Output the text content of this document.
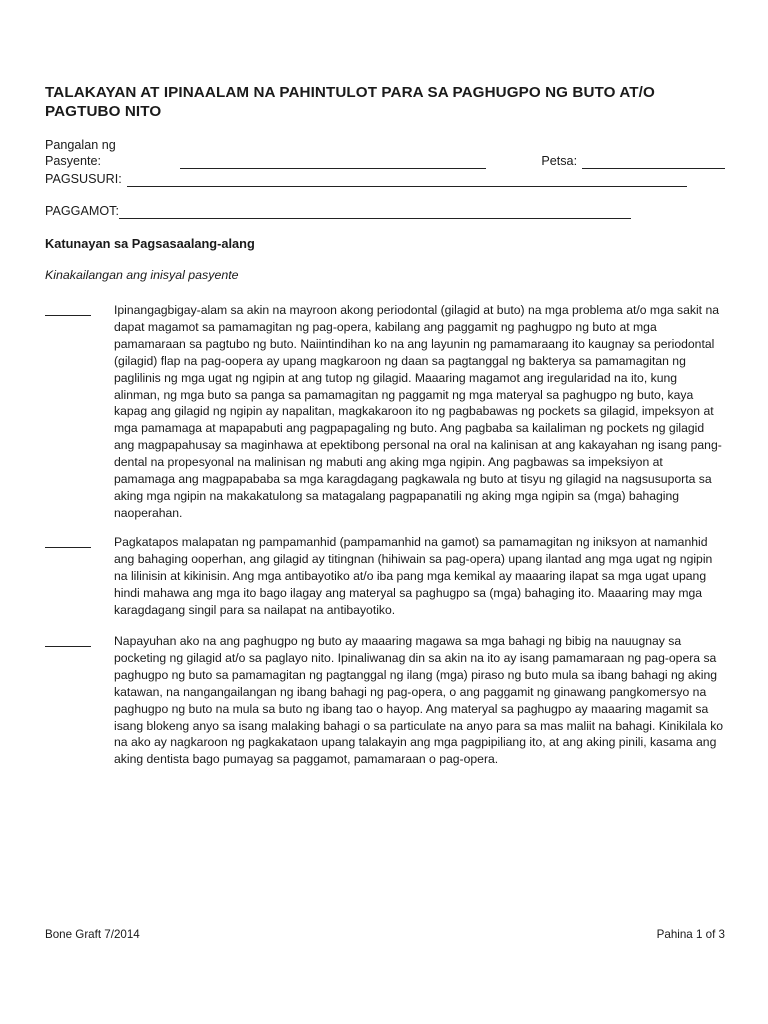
TALAKAYAN AT IPINAALAM NA PAHINTULOT PARA SA PAGHUGPO NG BUTO AT/O PAGTUBO NITO
Pangalan ng Pasyente:	Petsa:
PAGSUSURI:
PAGGAMOT:
Katunayan sa Pagsasaalang-alang
Kinakailangan ang inisyal pasyente

Ipinangagbigay-alam sa akin na mayroon akong periodontal (gilagid at buto) na mga problema at/o mga sakit na dapat magamot sa pamamagitan ng pag-opera, kabilang ang paggamit ng paghugpo ng buto at mga pamamaraan sa pagtubo ng buto. Naiintindihan ko na ang layunin ng pamamaraang ito kaugnay sa periodontal (gilagid) flap na pag-oopera ay upang magkaroon ng daan sa pagtanggal ng bakterya sa pamamagitan ng paglilinis ng mga ugat ng ngipin at ang tutop ng gilagid. Maaaring magamot ang iregularidad na ito, kung alinman, ng mga buto sa panga sa pamamagitan ng paggamit ng mga materyal sa paghugpo ng buto, kaya kapag ang gilagid ng ngipin ay napalitan, magkakaroon ito ng pagbabawas ng pockets sa gilagid, impeksyon at mga pamamaga at mapapabuti ang pagpapagaling ng buto. Ang pagbaba sa kailaliman ng pockets ng gilagid ang magpapahusay sa maginhawa at epektibong personal na oral na kalinisan at ang kakayahan ng isang pang-dental na propesyonal na malinisan ng mabuti ang aking mga ngipin. Ang pagbawas sa impeksiyon at pamamaga ang magpapababa sa mga karagdagang pagkawala ng buto at tisyu ng gilagid na nagsusuporta sa aking mga ngipin na makakatulong sa matagalang pagpapanatili ng aking mga ngipin sa (mga) bahaging naoperahan.

Pagkatapos malapatan ng pampamanhid (pampamanhid na gamot) sa pamamagitan ng iniksyon at namanhid ang bahaging ooperhan, ang gilagid ay titingnan (hihiwain sa pag-opera) upang ilantad ang mga ugat ng ngipin na lilinisin at kikinisin. Ang mga antibayotiko at/o iba pang mga kemikal ay maaaring ilapat sa mga ugat upang hindi mahawa ang mga ito bago ilagay ang materyal sa paghugpo sa (mga) bahaging ito. Maaaring may mga karagdagang singil para sa nailapat na antibayotiko.

Napayuhan ako na ang paghugpo ng buto ay maaaring magawa sa mga bahagi ng bibig na nauugnay sa pocketing ng gilagid at/o sa paglayo nito. Ipinaliwanag din sa akin na ito ay isang pamamaraan ng pag-opera sa paghugpo ng buto sa pamamagitan ng pagtanggal ng ilang (mga) piraso ng buto mula sa ibang bahagi ng aking katawan, na nangangailangan ng ibang bahagi ng pag-opera, o ang paggamit ng ginawang pangkomersyo na paghugpo ng buto na mula sa buto ng ibang tao o hayop. Ang materyal sa paghugpo ay maaaring magamit sa isang blokeng anyo sa isang malaking bahagi o sa particulate na anyo para sa mas maliit na bahagi. Kinikilala ko na ako ay nagkaroon ng pagkakataon upang talakayin ang mga pagpipiliang ito, at ang aking pinili, kasama ang aking dentista bago pumayag sa paggamot, pamamaraan o pag-opera.

Bone Graft 7/2014	Pahina 1 of 3
